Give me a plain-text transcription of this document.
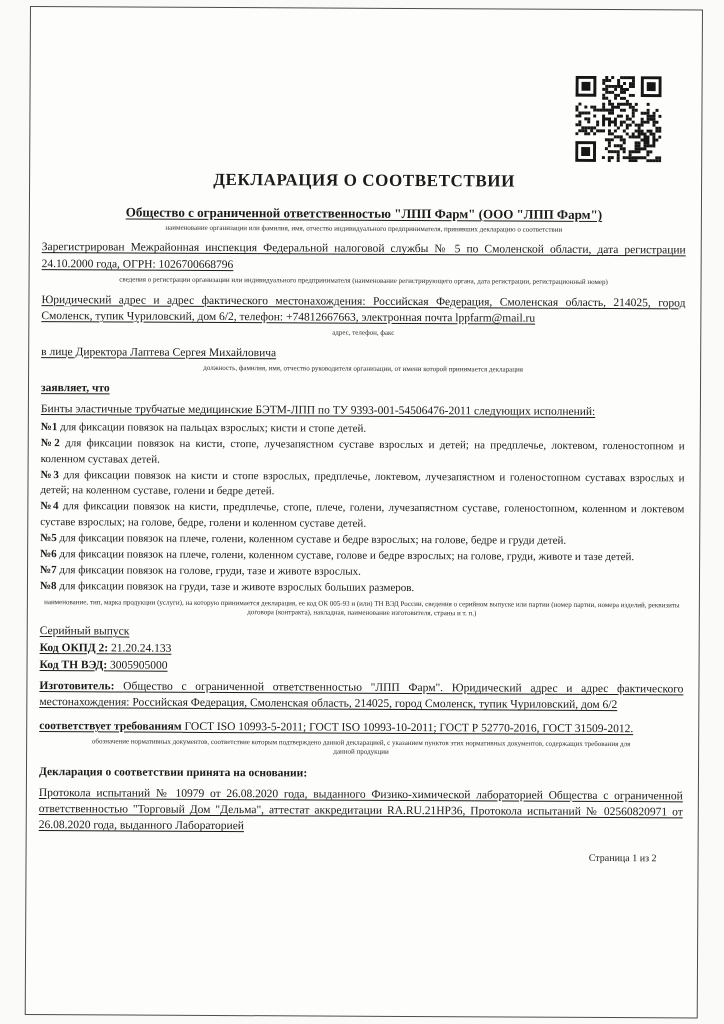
ДЕКЛАРАЦИЯ О СООТВЕТСТВИИ

Общество с ограниченной ответственностью "ЛПП Фарм" (ООО "ЛПП Фарм")

наименование организации или фамилия, имя, отчество индивидуального предпринимателя, принявших декларацию о соответствии

Зарегистрирован Межрайонная инспекция Федеральной налоговой службы № 5 по Смоленской области, дата регистрации 24.10.2000 года, ОГРН: 1026700668796

сведения о регистрации организации или индивидуального предпринимателя (наименование регистрирующего органа, дата регистрации, регистрационный номер)

Юридический адрес и адрес фактического местонахождения: Российская Федерация, Смоленская область, 214025, город Смоленск, тупик Чуриловский, дом 6/2, телефон: +74812667663, электронная почта lppfarm@mail.ru

адрес, телефон, факс

в лице Директора Лаптева Сергея Михайловича

должность, фамилия, имя, отчество руководителя организации, от имени которой принимается декларация

заявляет, что

Бинты эластичные трубчатые медицинские БЭТМ-ЛПП по ТУ 9393-001-54506476-2011 следующих исполнений:

№1 для фиксации повязок на пальцах взрослых; кисти и стопе детей.

№2 для фиксации повязок на кисти, стопе, лучезапястном суставе взрослых и детей; на предплечье, локтевом, голеностопном и коленном суставах детей.

№3 для фиксации повязок на кисти и стопе взрослых, предплечье, локтевом, лучезапястном и голеностопном суставах взрослых и детей; на коленном суставе, голени и бедре детей.

№4 для фиксации повязок на кисти, предплечье, стопе, плече, голени, лучезапястном суставе, голеностопном, коленном и локтевом суставе взрослых; на голове, бедре, голени и коленном суставе детей.

№5 для фиксации повязок на плече, голени, коленном суставе и бедре взрослых; на голове, бедре и груди детей.

№6 для фиксации повязок на плече, голени, коленном суставе, голове и бедре взрослых; на голове, груди, животе и тазе детей.

№7 для фиксации повязок на голове, груди, тазе и животе взрослых.

№8 для фиксации повязок на груди, тазе и животе взрослых больших размеров.

наименование, тип, марка продукции (услуги), на которую принимается декларация, ее код ОК 005-93 и (или) ТН ВЭД России, сведения о серийном выпуске или партии (номер партии, номера изделий, реквизиты договора (контракта), накладная, наименование изготовителя, страны и т. п.)

Серийный выпуск

Код ОКПД 2: 21.20.24.133

Код ТН ВЭД: 3005905000

Изготовитель: Общество с ограниченной ответственностью "ЛПП Фарм". Юридический адрес и адрес фактического местонахождения: Российская Федерация, Смоленская область, 214025, город Смоленск, тупик Чуриловский, дом 6/2

соответствует требованиям ГОСТ ISO 10993-5-2011; ГОСТ ISO 10993-10-2011; ГОСТ Р 52770-2016, ГОСТ 31509-2012.

обозначение нормативных документов, соответствие которым подтверждено данной декларацией, с указанием пунктов этих нормативных документов, содержащих требования для данной продукции

Декларация о соответствии принята на основании:

Протокола испытаний № 10979 от 26.08.2020 года, выданного Физико-химической лабораторией Общества с ограниченной ответственностью "Торговый Дом "Дельма", аттестат аккредитации RA.RU.21НР36, Протокола испытаний № 02560820971 от 26.08.2020 года, выданного Лабораторией

Страница 1 из 2
